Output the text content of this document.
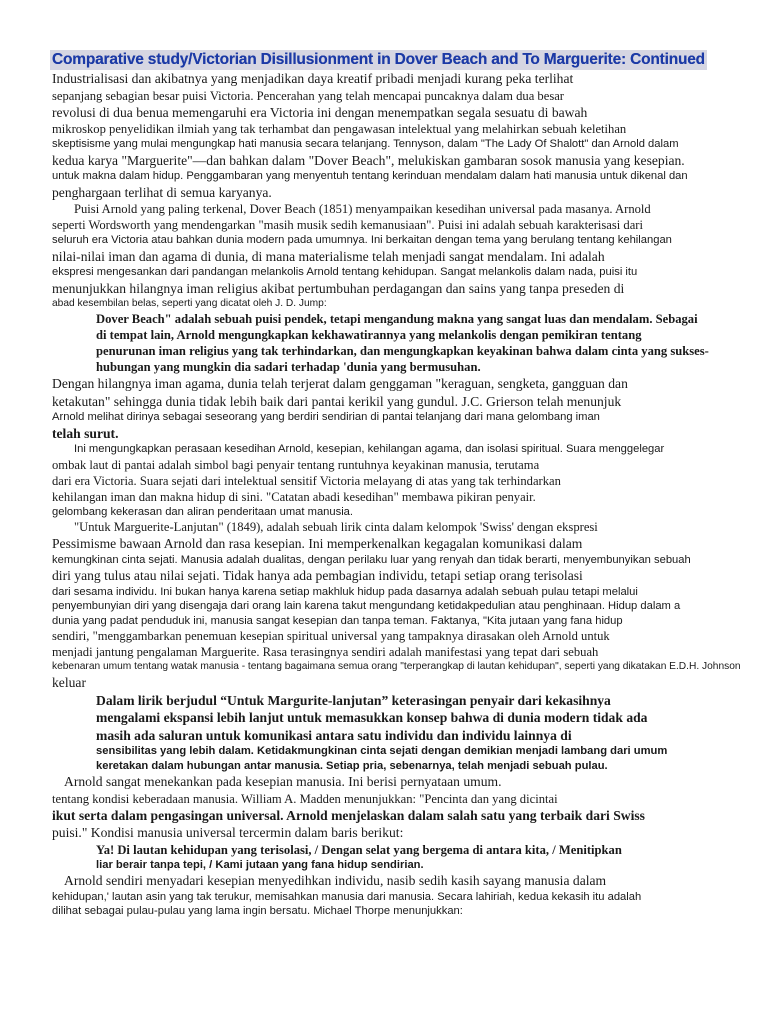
Comparative study/Victorian Disillusionment in Dover Beach and To Marguerite: Continued
Industrialisasi dan akibatnya yang menjadikan daya kreatif pribadi menjadi kurang peka terlihat
sepanjang sebagian besar puisi Victoria. Pencerahan yang telah mencapai puncaknya dalam dua besar
revolusi di dua benua memengaruhi era Victoria ini dengan menempatkan segala sesuatu di bawah
mikroskop penyelidikan ilmiah yang tak terhambat dan pengawasan intelektual yang melahirkan sebuah keletihan
skeptisisme yang mulai mengungkap hati manusia secara telanjang. Tennyson, dalam "The Lady Of Shalott" dan Arnold dalam
kedua karya "Marguerite"—dan bahkan dalam "Dover Beach", melukiskan gambaran sosok manusia yang kesepian.
untuk makna dalam hidup. Penggambaran yang menyentuh tentang kerinduan mendalam dalam hati manusia untuk dikenal dan
penghargaan terlihat di semua karyanya.
Puisi Arnold yang paling terkenal, Dover Beach (1851) menyampaikan kesedihan universal pada masanya. Arnold
seperti Wordsworth yang mendengarkan "masih musik sedih kemanusiaan". Puisi ini adalah sebuah karakterisasi dari
seluruh era Victoria atau bahkan dunia modern pada umumnya. Ini berkaitan dengan tema yang berulang tentang kehilangan
nilai-nilai iman dan agama di dunia, di mana materialisme telah menjadi sangat mendalam. Ini adalah
ekspresi mengesankan dari pandangan melankolis Arnold tentang kehidupan. Sangat melankolis dalam nada, puisi itu
menunjukkan hilangnya iman religius akibat pertumbuhan perdagangan dan sains yang tanpa preseden di
abad kesembilan belas, seperti yang dicatat oleh J. D. Jump:
Dover Beach" adalah sebuah puisi pendek, tetapi mengandung makna yang sangat luas dan mendalam. Sebagai
di tempat lain, Arnold mengungkapkan kekhawatirannya yang melankolis dengan pemikiran tentang
penurunan iman religius yang tak terhindarkan, dan mengungkapkan keyakinan bahwa dalam cinta yang sukses-
hubungan yang mungkin dia sadari terhadap 'dunia yang bermusuhan.
Dengan hilangnya iman agama, dunia telah terjerat dalam genggaman "keraguan, sengketa, gangguan dan
ketakutan" sehingga dunia tidak lebih baik dari pantai kerikil yang gundul. J.C. Grierson telah menunjuk
Arnold melihat dirinya sebagai seseorang yang berdiri sendirian di pantai telanjang dari mana gelombang iman
telah surut.
Ini mengungkapkan perasaan kesedihan Arnold, kesepian, kehilangan agama, dan isolasi spiritual. Suara menggelegar
ombak laut di pantai adalah simbol bagi penyair tentang runtuhnya keyakinan manusia, terutama
dari era Victoria. Suara sejati dari intelektual sensitif Victoria melayang di atas yang tak terhindarkan
kehilangan iman dan makna hidup di sini. "Catatan abadi kesedihan" membawa pikiran penyair.
gelombang kekerasan dan aliran penderitaan umat manusia.
"Untuk Marguerite-Lanjutan" (1849), adalah sebuah lirik cinta dalam kelompok 'Swiss' dengan ekspresi
Pessimisme bawaan Arnold dan rasa kesepian. Ini memperkenalkan kegagalan komunikasi dalam
kemungkinan cinta sejati. Manusia adalah dualitas, dengan perilaku luar yang renyah dan tidak berarti, menyembunyikan sebuah
diri yang tulus atau nilai sejati. Tidak hanya ada pembagian individu, tetapi setiap orang terisolasi
dari sesama individu. Ini bukan hanya karena setiap makhluk hidup pada dasarnya adalah sebuah pulau tetapi melalui
penyembunyian diri yang disengaja dari orang lain karena takut mengundang ketidakpedulian atau penghinaan. Hidup dalam a
dunia yang padat penduduk ini, manusia sangat kesepian dan tanpa teman. Faktanya, "Kita jutaan yang fana hidup
sendiri, "menggambarkan penemuan kesepian spiritual universal yang tampaknya dirasakan oleh Arnold untuk
menjadi jantung pengalaman Marguerite. Rasa terasingnya sendiri adalah manifestasi yang tepat dari sebuah
kebenaran umum tentang watak manusia - tentang bagaimana semua orang "terperangkap di lautan kehidupan", seperti yang dikatakan E.D.H. Johnson
keluar
Dalam lirik berjudul “Untuk Margurite-lanjutan” keterasingan penyair dari kekasihnya
mengalami ekspansi lebih lanjut untuk memasukkan konsep bahwa di dunia modern tidak ada
masih ada saluran untuk komunikasi antara satu individu dan individu lainnya di
sensibilitas yang lebih dalam. Ketidakmungkinan cinta sejati dengan demikian menjadi lambang dari umum
keretakan dalam hubungan antar manusia. Setiap pria, sebenarnya, telah menjadi sebuah pulau.
Arnold sangat menekankan pada kesepian manusia. Ini berisi pernyataan umum.
tentang kondisi keberadaan manusia. William A. Madden menunjukkan: "Pencinta dan yang dicintai
ikut serta dalam pengasingan universal. Arnold menjelaskan dalam salah satu yang terbaik dari Swiss
puisi." Kondisi manusia universal tercermin dalam baris berikut:
Ya! Di lautan kehidupan yang terisolasi, / Dengan selat yang bergema di antara kita, / Menitipkan
liar berair tanpa tepi, / Kami jutaan yang fana hidup sendirian.
Arnold sendiri menyadari kesepian menyedihkan individu, nasib sedih kasih sayang manusia dalam
kehidupan,' lautan asin yang tak terukur, memisahkan manusia dari manusia. Secara lahiriah, kedua kekasih itu adalah
dilihat sebagai pulau-pulau yang lama ingin bersatu. Michael Thorpe menunjukkan:
